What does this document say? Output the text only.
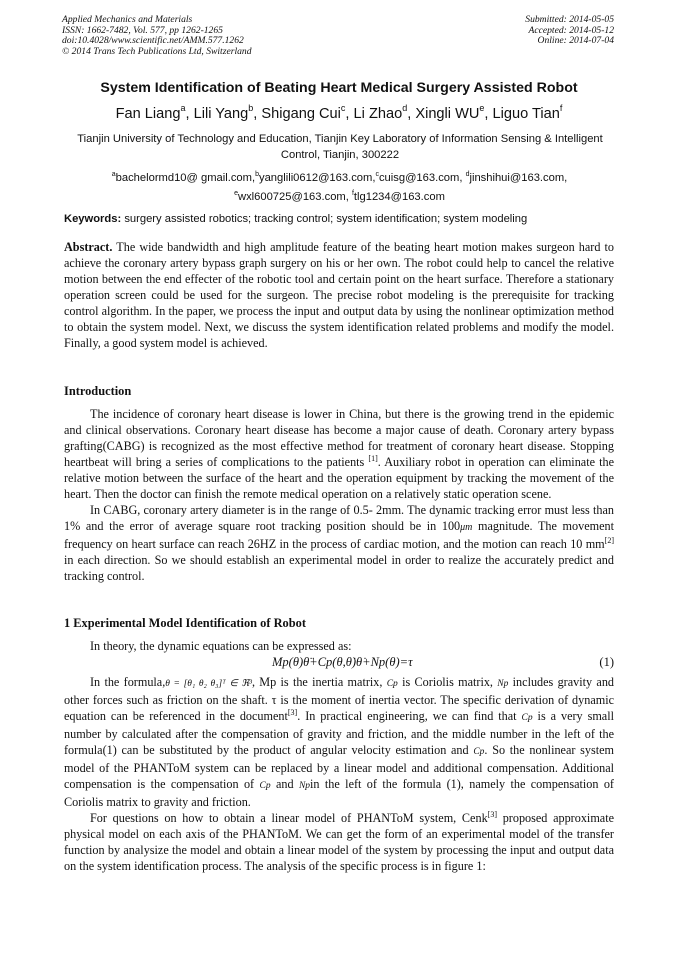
Applied Mechanics and Materials
ISSN: 1662-7482, Vol. 577, pp 1262-1265
doi:10.4028/www.scientific.net/AMM.577.1262
© 2014 Trans Tech Publications Ltd, Switzerland
Submitted: 2014-05-05
Accepted: 2014-05-12
Online: 2014-07-04
System Identification of Beating Heart Medical Surgery Assisted Robot
Fan Liang$^a$, Lili Yang$^b$, Shigang Cui$^c$, Li Zhao$^d$, Xingli $WU^e$, Liguo Tian$^f$
Tianjin University of Technology and Education, Tianjin Key Laboratory of Information Sensing & Intelligent Control, Tianjin, 300222
$^a$bachelormd10@ gmail.com,$^b$yanglili0612@163.com,$^c$cuisg@163.com, $^d$jinshihui@163.com,
$^e$wxl600725@163.com, $^f$tlg1234@163.com
Keywords: surgery assisted robotics; tracking control; system identification; system modeling

Abstract. The wide bandwidth and high amplitude feature of the beating heart motion makes surgeon hard to achieve the coronary artery bypass graph surgery on his or her own. The robot could help to cancel the relative motion between the end effecter of the robotic tool and certain point on the heart surface. Therefore a stationary operation screen could be used for the surgeon. The precise robot modeling is the prerequisite for tracking control algorithm. In the paper, we process the input and output data by using the nonlinear optimization method to obtain the system model. Next, we discuss the system identification related problems and modify the model. Finally, a good system model is achieved.

Introduction

The incidence of coronary heart disease is lower in China, but there is the growing trend in the epidemic and clinical observations. Coronary heart disease has become a major cause of death. Coronary artery bypass grafting(CABG) is recognized as the most effective method for treatment of coronary heart disease. Stopping heartbeat will bring a series of complications to the patients [1]. Auxiliary robot in operation can eliminate the relative motion between the surface of the heart and the operation equipment by tracking the movement of the heart. Then the doctor can finish the remote medical operation on a relatively static operation scene.

In CABG, coronary artery diameter is in the range of 0.5- 2mm. The dynamic tracking error must less than 1% and the error of average square root tracking position should be in 100μm magnitude. The movement frequency on heart surface can reach 26HZ in the process of cardiac motion, and the motion can reach 10 mm[2] in each direction. So we should establish an experimental model in order to realize the accurately predict and tracking control.

1 Experimental Model Identification of Robot

In theory, the dynamic equations can be expressed as:

Mp(θ)θ̈+Cp(θ,θ̇)θ̇+Np(θ)=τ	(1)

In the formula,θ = [θ₁ θ₂ θ₃]ᵀ ∈ ℜ³, Mp is the inertia matrix, Cp is Coriolis matrix, Np includes gravity and other forces such as friction on the shaft. τ is the moment of inertia vector. The specific derivation of dynamic equation can be referenced in the document[3]. In practical engineering, we can find that Cp is a very small number by calculated after the compensation of gravity and friction, and the middle number in the left of the formula(1) can be substituted by the product of angular velocity estimation and Cp. So the nonlinear system model of the PHANToM system can be replaced by a linear model and additional compensation. Additional compensation is the compensation of Cp and Npin the left of the formula (1), namely the compensation of Coriolis matrix to gravity and friction.

For questions on how to obtain a linear model of PHANToM system, Cenk[3] proposed approximate physical model on each axis of the PHANToM. We can get the form of an experimental model of the transfer function by analysize the model and obtain a linear model of the system by processing the input and output data on the system identification process. The analysis of the specific process is in figure 1:
